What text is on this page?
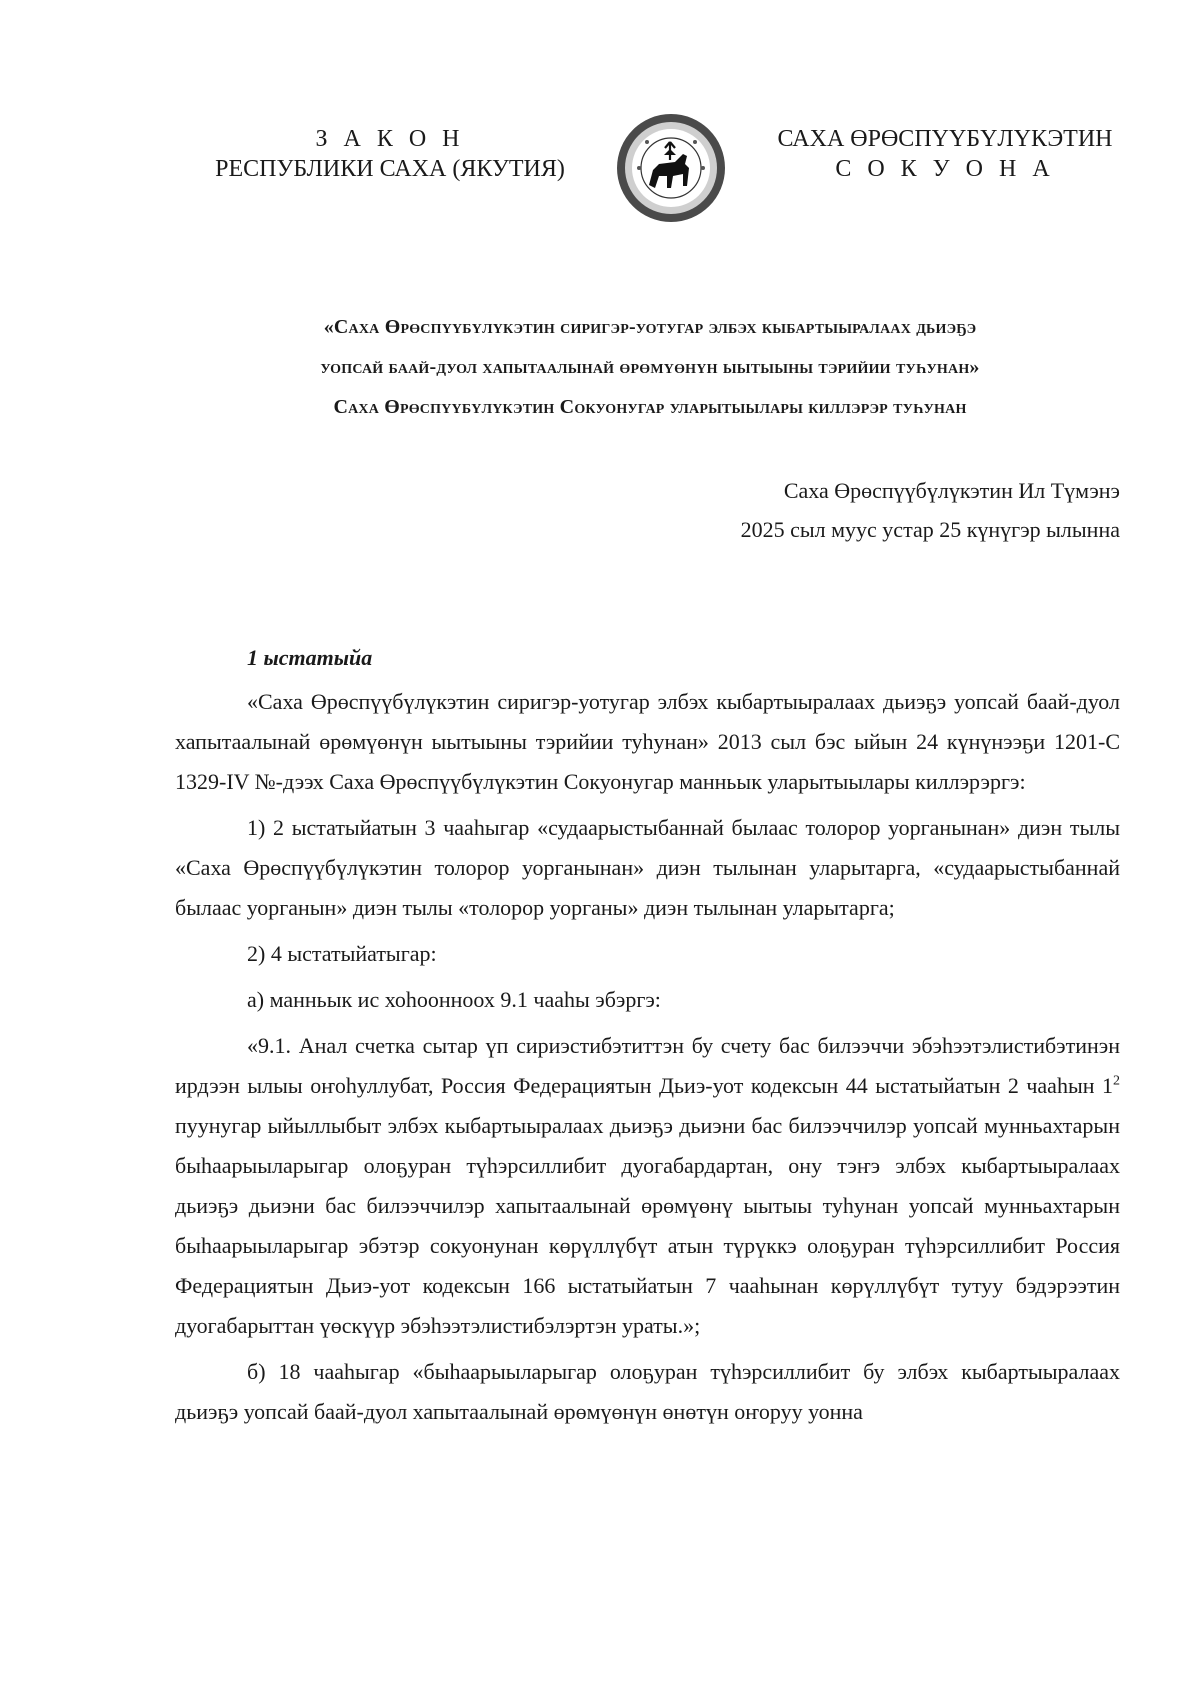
З А К О Н
РЕСПУБЛИКИ САХА (ЯКУТИЯ)
САХА ӨРӨСПҮҮБҮЛҮКЭТИН
С О К У О Н А
«Саха Өрөспүүбүлүкэтин сиригэр-уотугар элбэх кыбартыыралаах дьиэҕэ
уопсай баай-дуол хапытаалынай өрөмүөнүн ыытыыны тэрийии туһунан»
Саха Өрөспүүбүлүкэтин Сокуонугар уларытыылары киллэрэр туһунан
Саха Өрөспүүбүлүкэтин Ил Түмэнэ
2025 сыл муус устар 25 күнүгэр ылынна
1 ыстатыйа

«Саха Өрөспүүбүлүкэтин сиригэр-уотугар элбэх кыбартыыралаах дьиэҕэ уопсай баай-дуол хапытаалынай өрөмүөнүн ыытыыны тэрийии туһунан» 2013 сыл бэс ыйын 24 күнүнээҕи 1201-С 1329-IV №-дээх Саха Өрөспүүбүлүкэтин Сокуонугар манньык уларытыылары киллэрэргэ:

1) 2 ыстатыйатын 3 чааһыгар «судаарыстыбаннай былаас толорор уорганынан» диэн тылы «Саха Өрөспүүбүлүкэтин толорор уорганынан» диэн тылынан уларытарга, «судаарыстыбаннай былаас уорганын» диэн тылы «толорор уорганы» диэн тылынан уларытарга;

2) 4 ыстатыйатыгар:

а) манньык ис хоһоонноох 9.1 чааһы эбэргэ:

«9.1. Анал счетка сытар үп сириэстибэтиттэн бу счету бас билээччи эбэһээтэлистибэтинэн ирдээн ылыы оҥоһуллубат, Россия Федерациятын Дьиэ-уот кодексын 44 ыстатыйатын 2 чааһын $1^2$ пуунугар ыйыллыбыт элбэх кыбартыыралаах дьиэҕэ дьиэни бас билээччилэр уопсай мунньахтарын быһаарыыларыгар олоҕуран түһэрсиллибит дуогабардартан, ону тэҥэ элбэх кыбартыыралаах дьиэҕэ дьиэни бас билээччилэр хапытаалынай өрөмүөнү ыытыы туһунан уопсай мунньахтарын быһаарыыларыгар эбэтэр сокуонунан көрүллүбүт атын түрүккэ олоҕуран түһэрсиллибит Россия Федерациятын Дьиэ-уот кодексын 166 ыстатыйатын 7 чааһынан көрүллүбүт тутуу бэдэрээтин дуогабарыттан үөскүүр эбэһээтэлистибэлэртэн ураты.»;

б) 18 чааһыгар «быһаарыыларыгар олоҕуран түһэрсиллибит бу элбэх кыбартыыралаах дьиэҕэ уопсай баай-дуол хапытаалынай өрөмүөнүн өнөтүн оҥоруу уонна
